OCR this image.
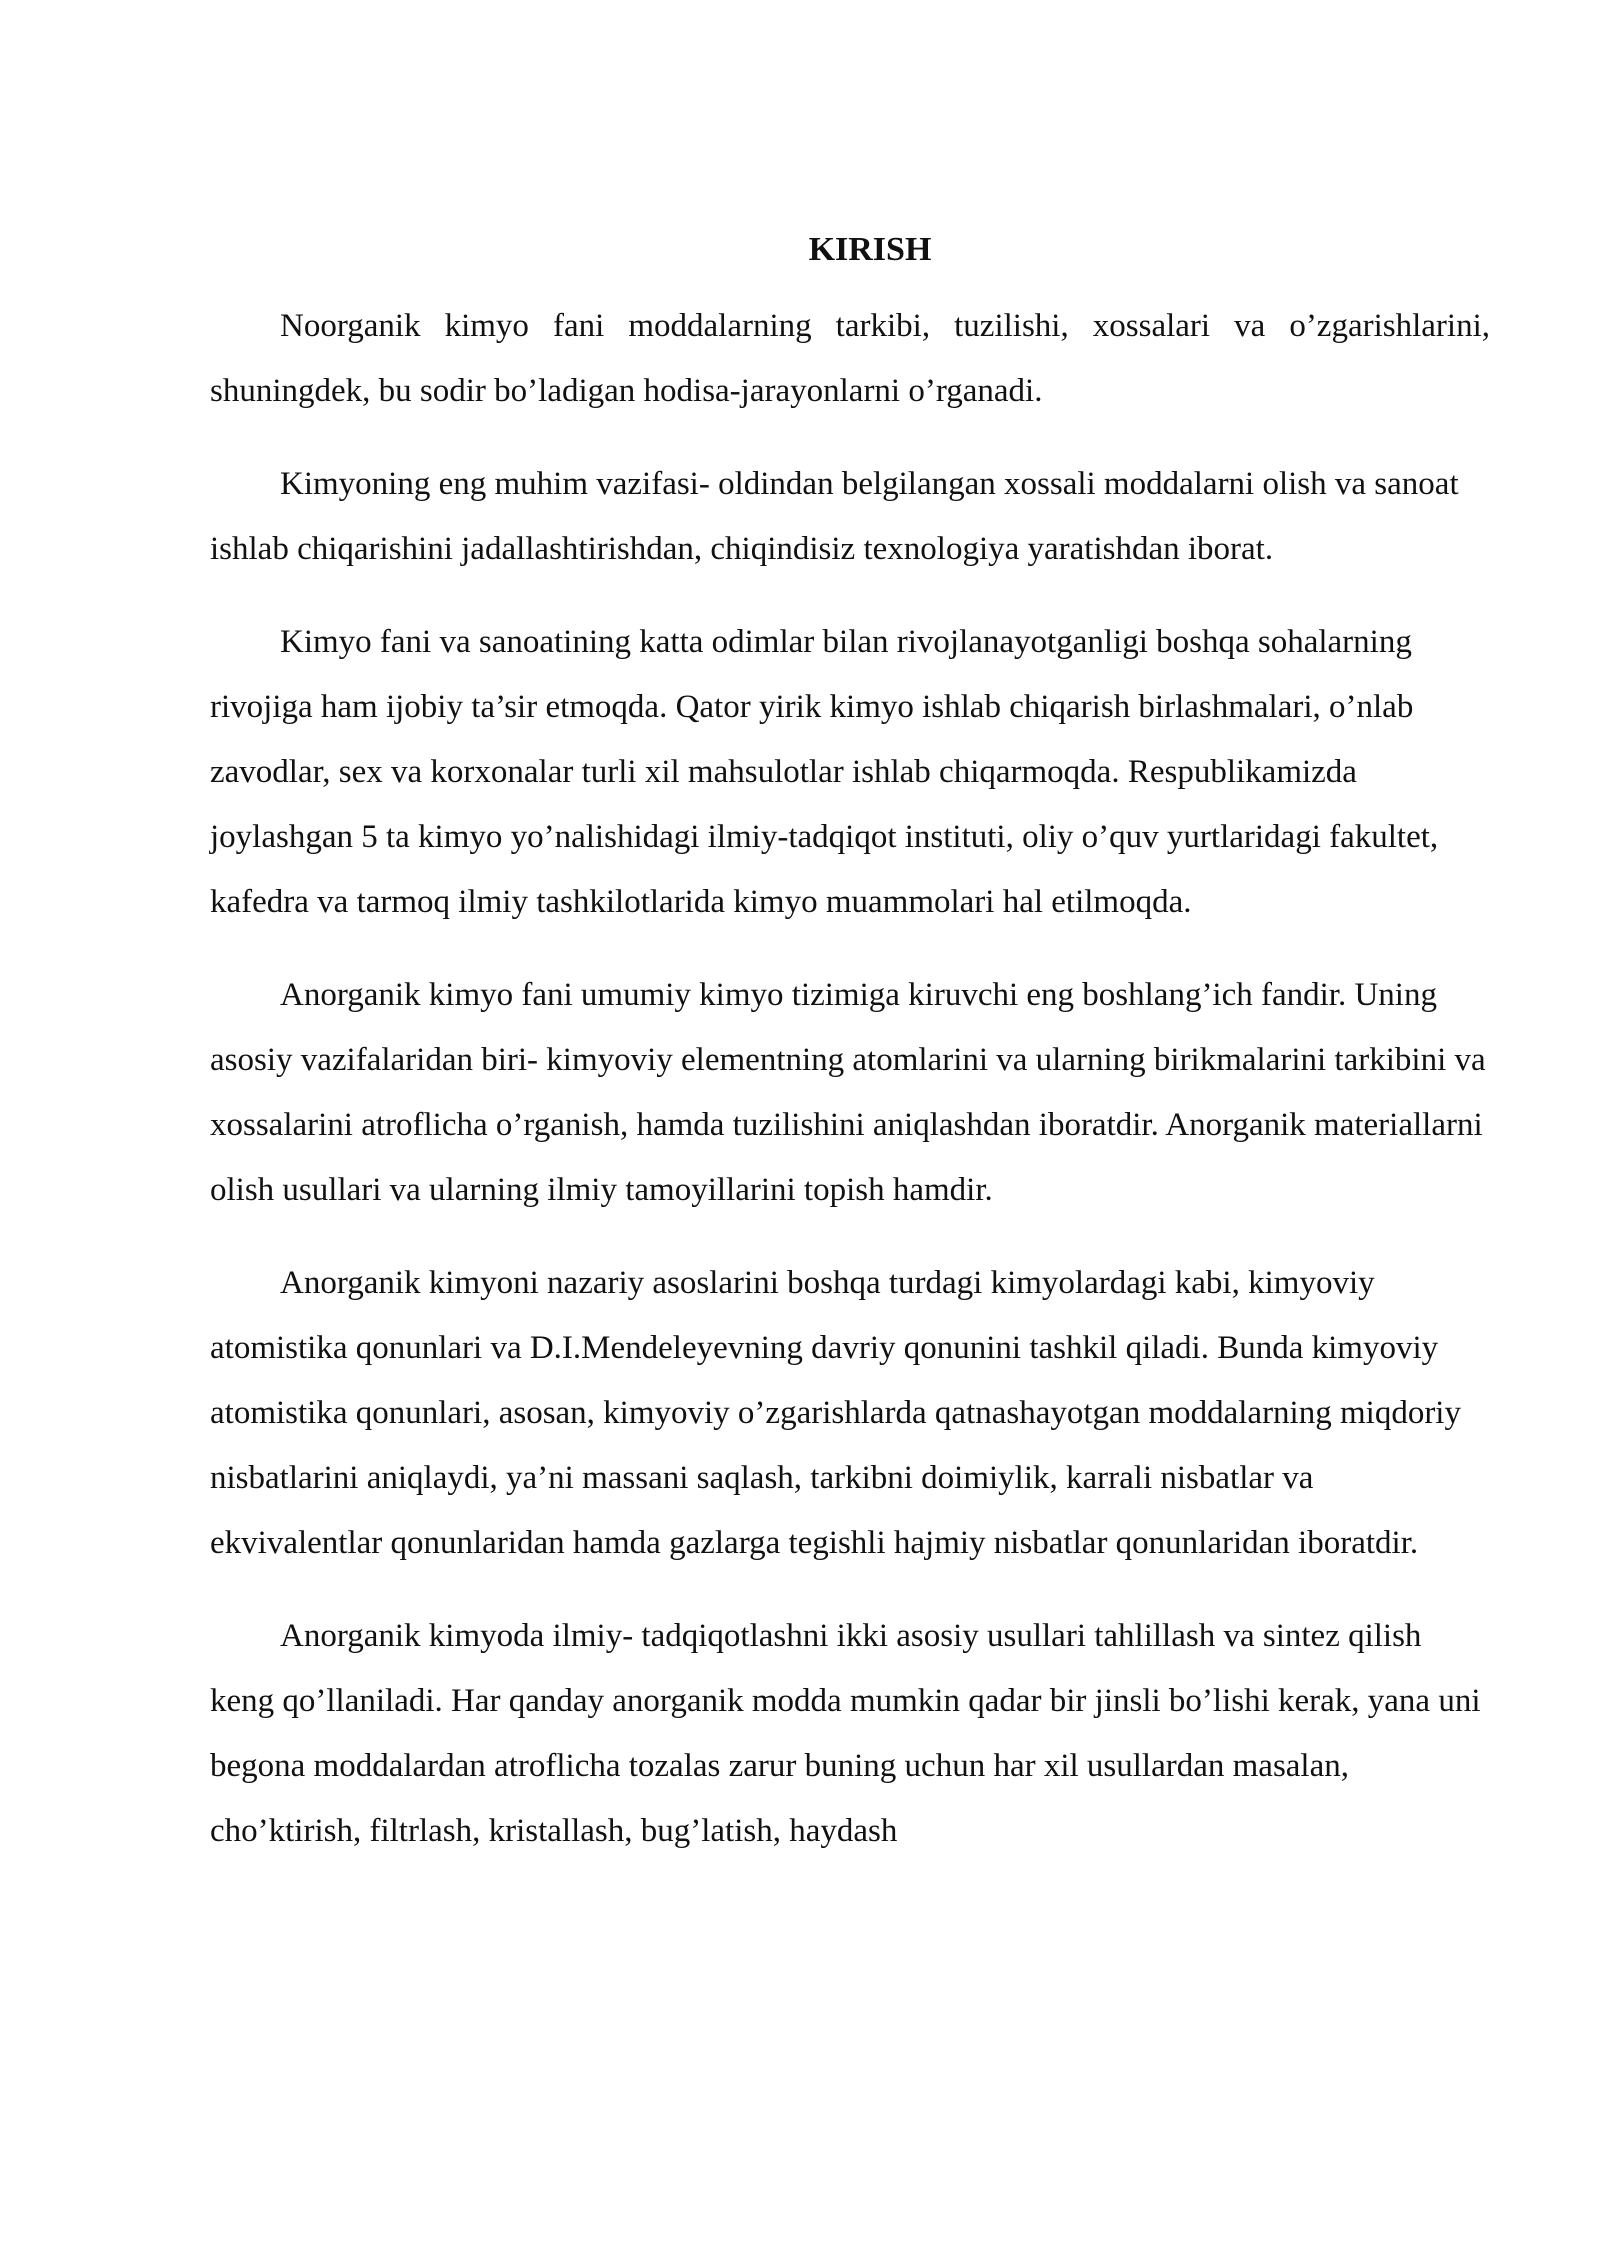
KIRISH

Noorganik kimyo fani moddalarning tarkibi, tuzilishi, xossalari va o’zgarishlarini, shuningdek, bu sodir bo’ladigan hodisa-jarayonlarni o’rganadi.

Kimyoning eng muhim vazifasi- oldindan belgilangan xossali moddalarni olish va sanoat ishlab chiqarishini jadallashtirishdan, chiqindisiz texnologiya yaratishdan iborat.

Kimyo fani va sanoatining katta odimlar bilan rivojlanayotganligi boshqa sohalarning rivojiga ham ijobiy ta’sir etmoqda. Qator yirik kimyo ishlab chiqarish birlashmalari, o’nlab zavodlar, sex va korxonalar turli xil mahsulotlar ishlab chiqarmoqda. Respublikamizda joylashgan 5 ta kimyo yo’nalishidagi ilmiy-tadqiqot instituti, oliy o’quv yurtlaridagi fakultet, kafedra va tarmoq ilmiy tashkilotlarida kimyo muammolari hal etilmoqda.

Anorganik kimyo fani umumiy kimyo tizimiga kiruvchi eng boshlang’ich fandir. Uning asosiy vazifalaridan biri- kimyoviy elementning atomlarini va ularning birikmalarini tarkibini va xossalarini atroflicha o’rganish, hamda tuzilishini aniqlashdan iboratdir. Anorganik materiallarni olish usullari va ularning ilmiy tamoyillarini topish hamdir.

Anorganik kimyoni nazariy asoslarini boshqa turdagi kimyolardagi kabi, kimyoviy atomistika qonunlari va D.I.Mendeleyevning davriy qonunini tashkil qiladi. Bunda kimyoviy atomistika qonunlari, asosan, kimyoviy o’zgarishlarda qatnashayotgan moddalarning miqdoriy nisbatlarini aniqlaydi, ya’ni massani saqlash, tarkibni doimiylik, karrali nisbatlar va ekvivalentlar qonunlaridan hamda gazlarga tegishli hajmiy nisbatlar qonunlaridan iboratdir.

Anorganik kimyoda ilmiy- tadqiqotlashni ikki asosiy usullari tahlillash va sintez qilish keng qo’llaniladi. Har qanday anorganik modda mumkin qadar bir jinsli bo’lishi kerak, yana uni begona moddalardan atroflicha tozalas zarur buning uchun har xil usullardan masalan, cho’ktirish, filtrlash, kristallash, bug’latish, haydash
